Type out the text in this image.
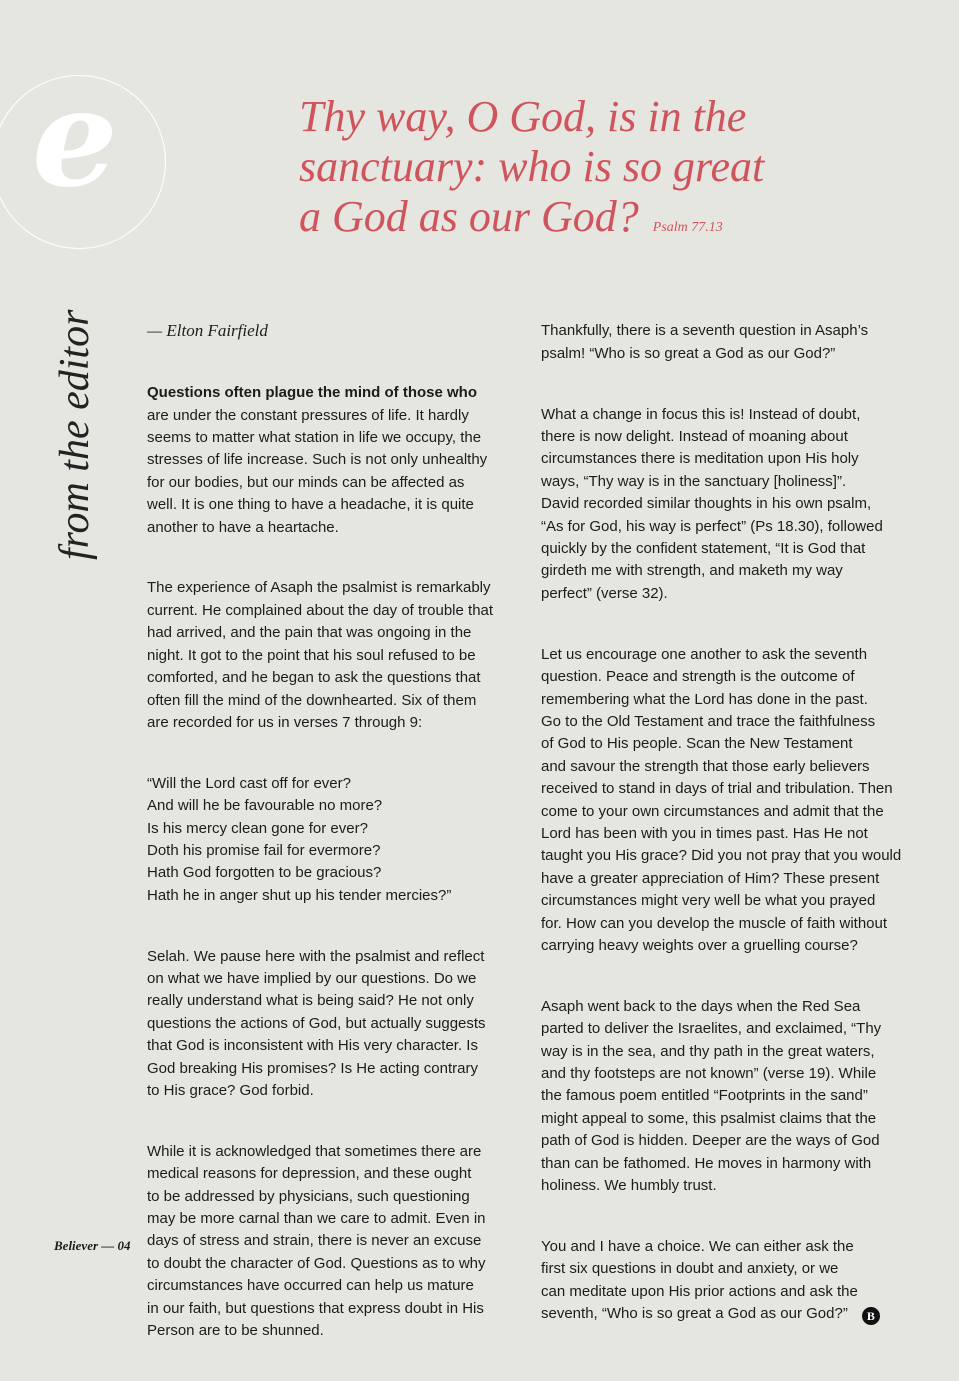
e	Thy way, O God, is in the
sanctuary: who is so great
a God as our God? Psalm 77.13
from the editor	— Elton Fairfield

Questions often plague the mind of those who
are under the constant pressures of life. It hardly
seems to matter what station in life we occupy, the
stresses of life increase. Such is not only unhealthy
for our bodies, but our minds can be affected as
well. It is one thing to have a headache, it is quite
another to have a heartache.

The experience of Asaph the psalmist is remarkably
current. He complained about the day of trouble that
had arrived, and the pain that was ongoing in the
night. It got to the point that his soul refused to be
comforted, and he began to ask the questions that
often fill the mind of the downhearted. Six of them
are recorded for us in verses 7 through 9:

“Will the Lord cast off for ever?
And will he be favourable no more?
Is his mercy clean gone for ever?
Doth his promise fail for evermore?
Hath God forgotten to be gracious?
Hath he in anger shut up his tender mercies?”

Selah. We pause here with the psalmist and reflect
on what we have implied by our questions. Do we
really understand what is being said? He not only
questions the actions of God, but actually suggests
that God is inconsistent with His very character. Is
God breaking His promises? Is He acting contrary
to His grace? God forbid.

While it is acknowledged that sometimes there are
medical reasons for depression, and these ought
to be addressed by physicians, such questioning
may be more carnal than we care to admit. Even in
days of stress and strain, there is never an excuse
to doubt the character of God. Questions as to why
circumstances have occurred can help us mature
in our faith, but questions that express doubt in His
Person are to be shunned.

Thankfully, there is a seventh question in Asaph’s
psalm! “Who is so great a God as our God?”

What a change in focus this is! Instead of doubt,
there is now delight. Instead of moaning about
circumstances there is meditation upon His holy
ways, “Thy way is in the sanctuary [holiness]”.
David recorded similar thoughts in his own psalm,
“As for God, his way is perfect” (Ps 18.30), followed
quickly by the confident statement, “It is God that
girdeth me with strength, and maketh my way
perfect” (verse 32).

Let us encourage one another to ask the seventh
question. Peace and strength is the outcome of
remembering what the Lord has done in the past.
Go to the Old Testament and trace the faithfulness
of God to His people. Scan the New Testament
and savour the strength that those early believers
received to stand in days of trial and tribulation. Then
come to your own circumstances and admit that the
Lord has been with you in times past. Has He not
taught you His grace? Did you not pray that you would
have a greater appreciation of Him? These present
circumstances might very well be what you prayed
for. How can you develop the muscle of faith without
carrying heavy weights over a gruelling course?

Asaph went back to the days when the Red Sea
parted to deliver the Israelites, and exclaimed, “Thy
way is in the sea, and thy path in the great waters,
and thy footsteps are not known” (verse 19). While
the famous poem entitled “Footprints in the sand”
might appeal to some, this psalmist claims that the
path of God is hidden. Deeper are the ways of God
than can be fathomed. He moves in harmony with
holiness. We humbly trust.

You and I have a choice. We can either ask the
first six questions in doubt and anxiety, or we
can meditate upon His prior actions and ask the
seventh, “Who is so great a God as our God?” B

Believer — 04
